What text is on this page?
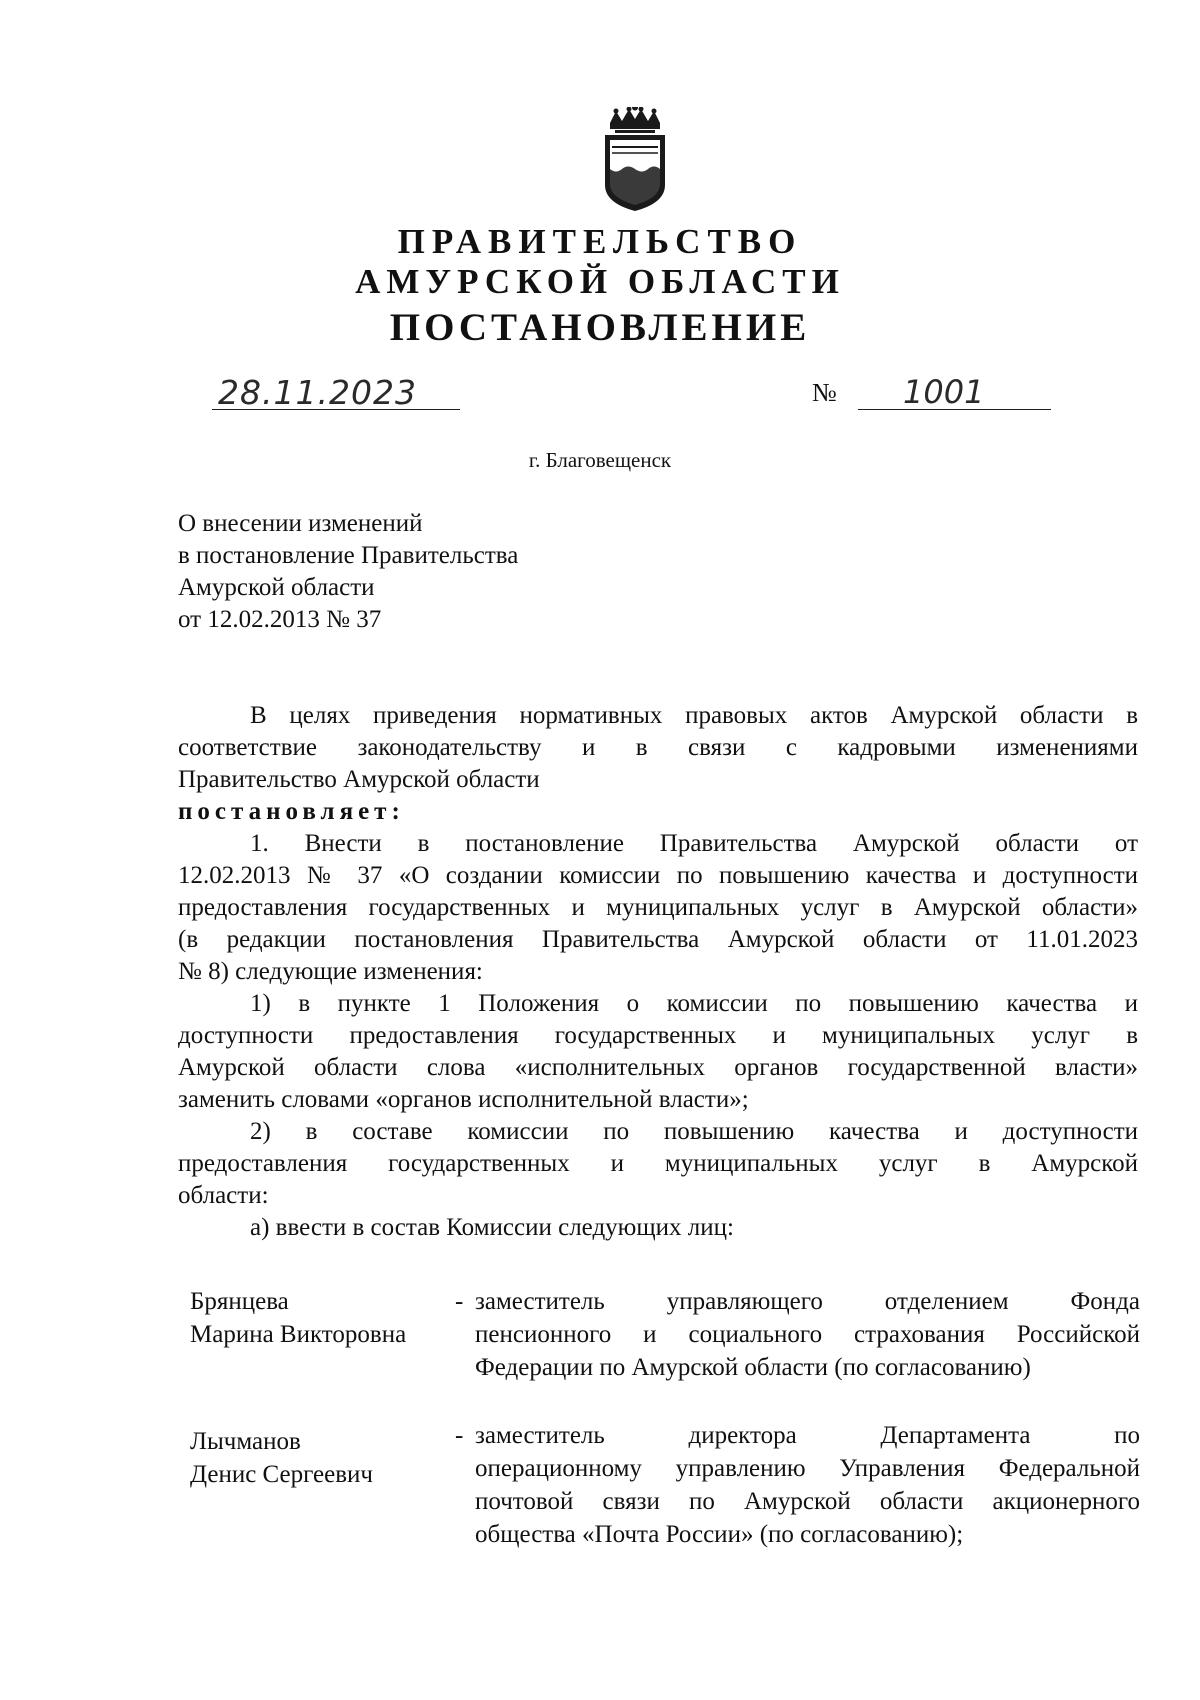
ПРАВИТЕЛЬСТВО
АМУРСКОЙ ОБЛАСТИ
ПОСТАНОВЛЕНИЕ
28.11.2023	№ 1001
г. Благовещенск
О внесении изменений
в постановление Правительства
Амурской области
от 12.02.2013 № 37
В целях приведения нормативных правовых актов Амурской области в
соответствие законодательству и в связи с кадровыми изменениями
Правительство Амурской области
постановляет:
1. Внести в постановление Правительства Амурской области от
12.02.2013 № 37 «О создании комиссии по повышению качества и доступности
предоставления государственных и муниципальных услуг в Амурской области»
(в редакции постановления Правительства Амурской области от 11.01.2023
№ 8) следующие изменения:
1) в пункте 1 Положения о комиссии по повышению качества и
доступности предоставления государственных и муниципальных услуг в
Амурской области слова «исполнительных органов государственной власти»
заменить словами «органов исполнительной власти»;
2) в составе комиссии по повышению качества и доступности
предоставления государственных и муниципальных услуг в Амурской
области:
а) ввести в состав Комиссии следующих лиц:
Брянцева
Марина Викторовна
- заместитель управляющего отделением Фонда
пенсионного и социального страхования Российской
Федерации по Амурской области (по согласованию)
Лычманов
Денис Сергеевич
- заместитель директора Департамента по
операционному управлению Управления Федеральной
почтовой связи по Амурской области акционерного
общества «Почта России» (по согласованию);
